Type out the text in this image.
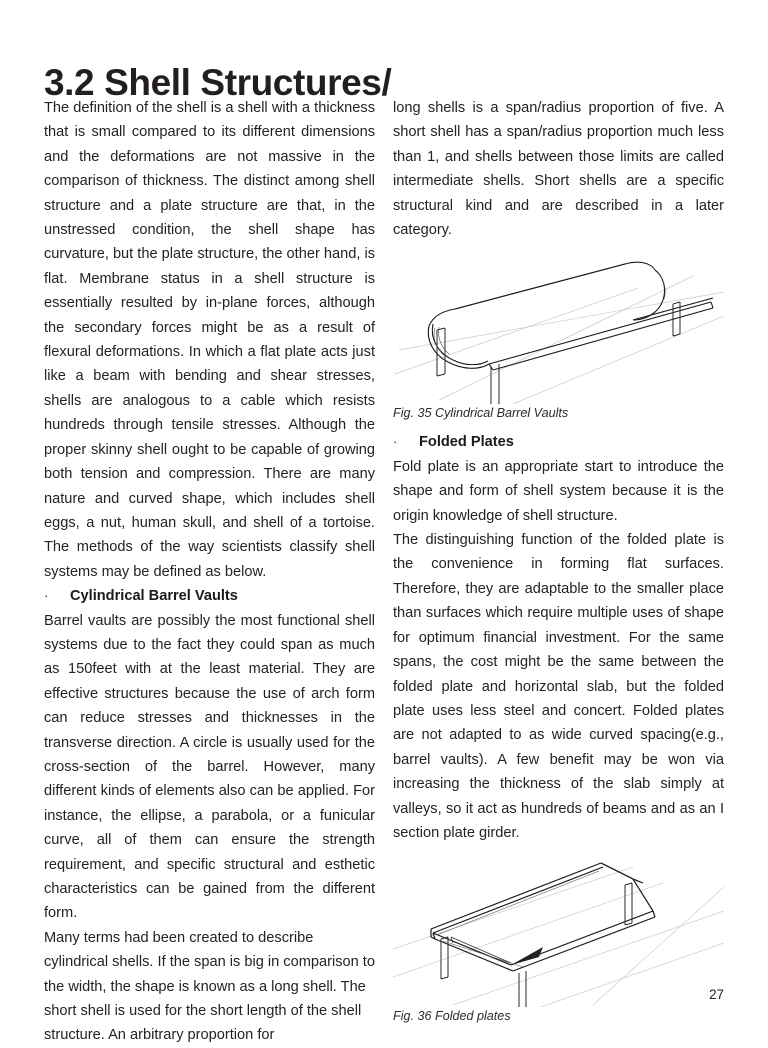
3.2 Shell Structures/

The definition of the shell is a shell with a thickness that is small compared to its different dimensions and the deformations are not massive in the comparison of thickness. The distinct among shell structure and a plate structure are that, in the unstressed condition, the shell shape has curvature, but the plate structure, the other hand, is flat. Membrane status in a shell structure is essentially resulted by in-plane forces, although the secondary forces might be as a result of flexural deformations. In which a flat plate acts just like a beam with bending and shear stresses, shells are analogous to a cable which resists hundreds through tensile stresses. Although the proper skinny shell ought to be capable of growing both tension and compression. There are many nature and curved shape, which includes shell eggs, a nut, human skull, and shell of a tortoise. The methods of the way scientists classify shell systems may be defined as below.

·	Cylindrical Barrel Vaults

Barrel vaults are possibly the most functional shell systems due to the fact they could span as much as 150feet with at the least material. They are effective structures because the use of arch form can reduce stresses and thicknesses in the transverse direction. A circle is usually used for the cross-section of the barrel. However, many different kinds of elements also can be applied. For instance, the ellipse, a parabola, or a funicular curve, all of them can ensure the strength requirement, and specific structural and esthetic characteristics can be gained from the different form.

Many terms had been created to describe cylindrical shells. If the span is big in comparison to the width, the shape is known as a long shell. The short shell is used for the short length of the shell structure. An arbitrary proportion for

long shells is a span/radius proportion of five. A short shell has a span/radius proportion much less than 1, and shells between those limits are called intermediate shells. Short shells are a specific structural kind and are described in a later category.

Fig. 35 Cylindrical Barrel Vaults

·	Folded Plates

Fold plate is an appropriate start to introduce the shape and form of shell system because it is the origin knowledge of shell structure.

The distinguishing function of the folded plate is the convenience in forming flat surfaces. Therefore, they are adaptable to the smaller place than surfaces which require multiple uses of shape for optimum financial investment. For the same spans, the cost might be the same between the folded plate and horizontal slab, but the folded plate uses less steel and concert. Folded plates are not adapted to as wide curved spacing(e.g., barrel vaults). A few benefit may be won via increasing the thickness of the slab simply at valleys, so it act as hundreds of beams and as an I section plate girder.

Fig. 36 Folded plates

27
